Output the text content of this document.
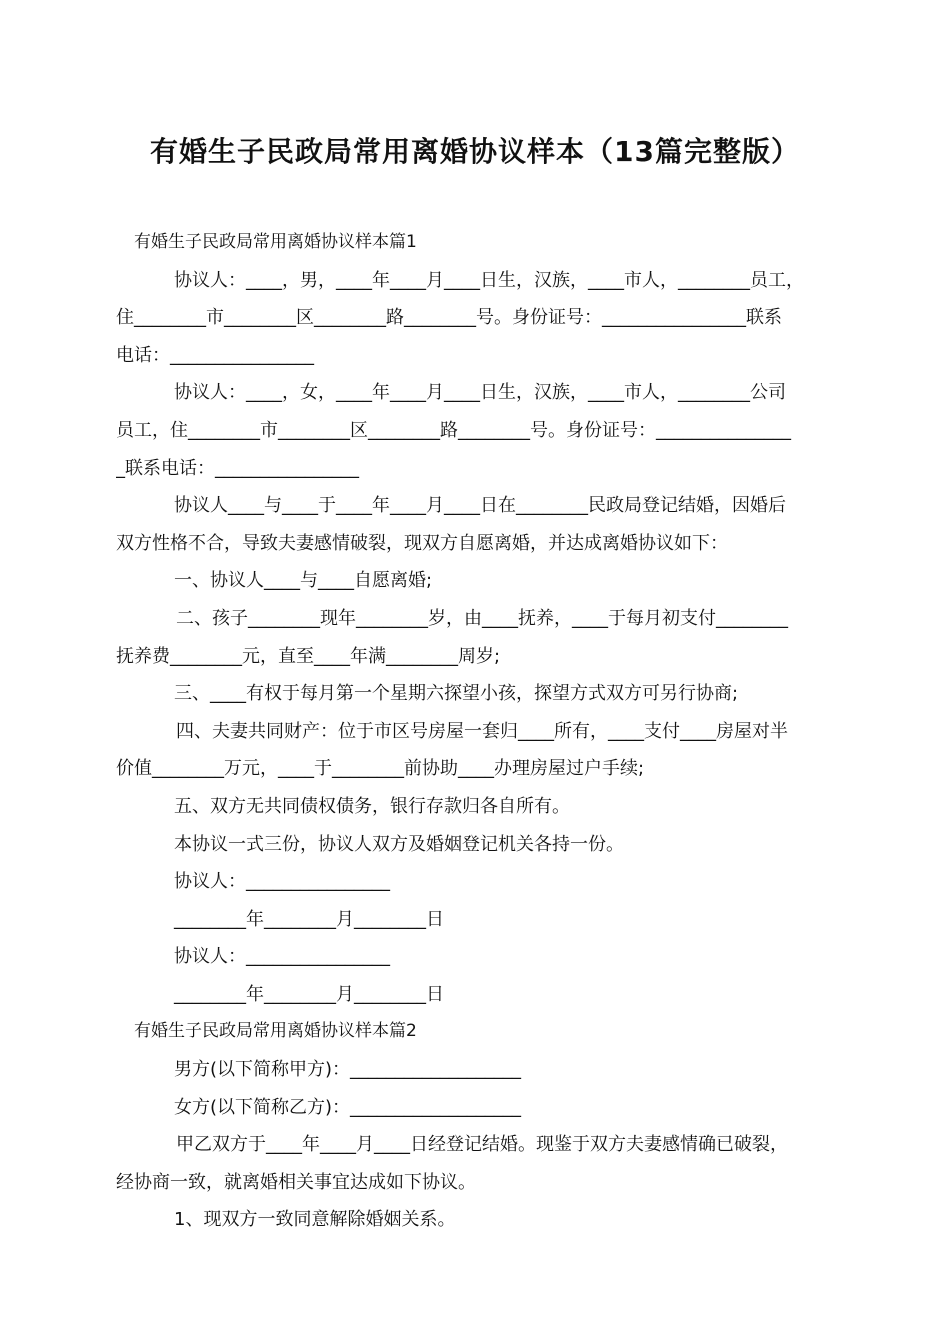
有婚生子民政局常用离婚协议样本（13篇完整版）
有婚生子民政局常用离婚协议样本篇1
协议人：____，男，____年____月____日生，汉族，____市人，________员工，
住________市________区________路________号。身份证号：________________联系
电话：________________
协议人：____，女，____年____月____日生，汉族，____市人，________公司
员工，住________市________区________路________号。身份证号：_______________
_联系电话：________________
协议人____与____于____年____月____日在________民政局登记结婚，因婚后
双方性格不合，导致夫妻感情破裂，现双方自愿离婚，并达成离婚协议如下：
一、协议人____与____自愿离婚;
二、孩子________现年________岁，由____抚养，____于每月初支付________
抚养费________元，直至____年满________周岁;
三、____有权于每月第一个星期六探望小孩，探望方式双方可另行协商;
四、夫妻共同财产：位于市区号房屋一套归____所有，____支付____房屋对半
价值________万元，____于________前协助____办理房屋过户手续;
五、双方无共同债权债务，银行存款归各自所有。
本协议一式三份，协议人双方及婚姻登记机关各持一份。
协议人：________________
________年________月________日
协议人：________________
________年________月________日
有婚生子民政局常用离婚协议样本篇2
男方(以下简称甲方)：___________________
女方(以下简称乙方)：___________________
甲乙双方于____年____月____日经登记结婚。现鉴于双方夫妻感情确已破裂，
经协商一致，就离婚相关事宜达成如下协议。
1、现双方一致同意解除婚姻关系。
